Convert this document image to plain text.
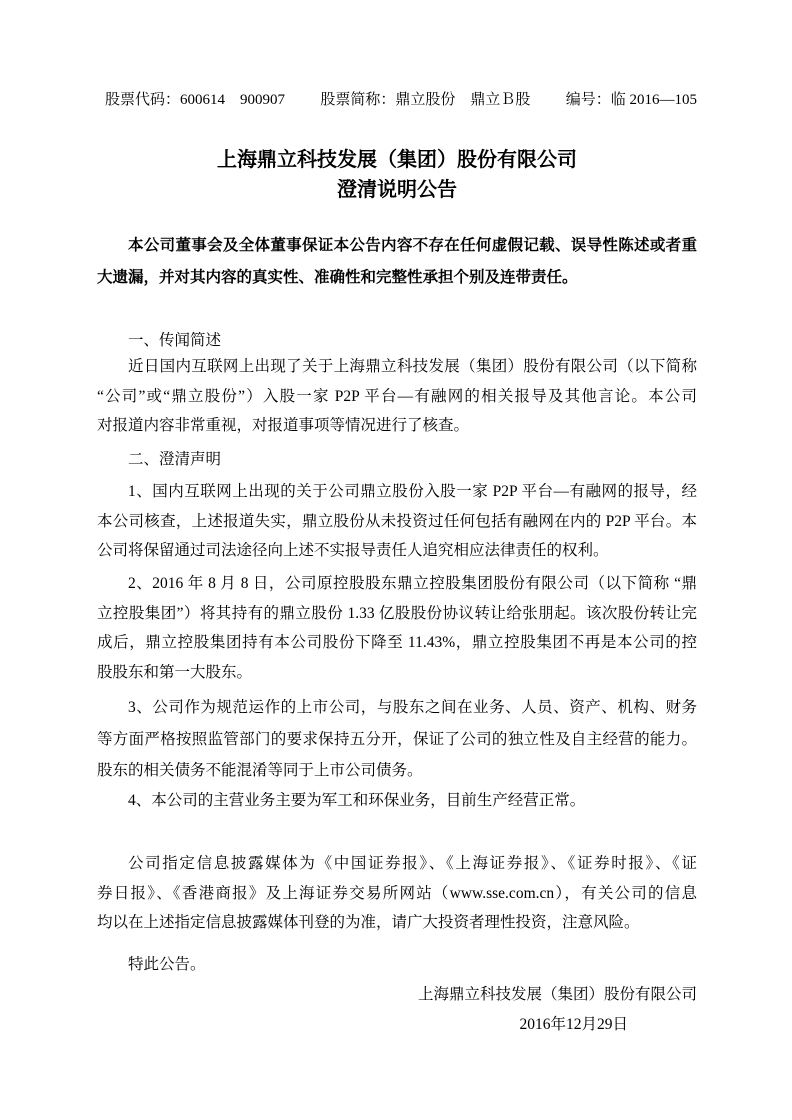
股票代码：600614　900907 股票简称：鼎立股份　鼎立Ｂ股 编号：临 2016—105
上海鼎立科技发展（集团）股份有限公司
澄清说明公告
本公司董事会及全体董事保证本公告内容不存在任何虚假记载、误导性陈述或者重
大遗漏，并对其内容的真实性、准确性和完整性承担个别及连带责任。
一、传闻简述
近日国内互联网上出现了关于上海鼎立科技发展（集团）股份有限公司（以下简称
“公司”或“鼎立股份”）入股一家 P2P 平台—有融网的相关报导及其他言论。本公司
对报道内容非常重视，对报道事项等情况进行了核查。
二、澄清声明
1、国内互联网上出现的关于公司鼎立股份入股一家 P2P 平台—有融网的报导，经
本公司核查，上述报道失实，鼎立股份从未投资过任何包括有融网在内的 P2P 平台。本
公司将保留通过司法途径向上述不实报导责任人追究相应法律责任的权利。
2、2016 年 8 月 8 日，公司原控股股东鼎立控股集团股份有限公司（以下简称 “鼎
立控股集团”）将其持有的鼎立股份 1.33 亿股股份协议转让给张朋起。该次股份转让完
成后，鼎立控股集团持有本公司股份下降至 11.43%，鼎立控股集团不再是本公司的控
股股东和第一大股东。
3、公司作为规范运作的上市公司，与股东之间在业务、人员、资产、机构、财务
等方面严格按照监管部门的要求保持五分开，保证了公司的独立性及自主经营的能力。
股东的相关债务不能混淆等同于上市公司债务。
4、本公司的主营业务主要为军工和环保业务，目前生产经营正常。
公司指定信息披露媒体为《中国证券报》、《上海证券报》、《证券时报》、《证
券日报》、《香港商报》及上海证券交易所网站（www.sse.com.cn），有关公司的信息
均以在上述指定信息披露媒体刊登的为准，请广大投资者理性投资，注意风险。
特此公告。
上海鼎立科技发展（集团）股份有限公司
2016年12月29日
